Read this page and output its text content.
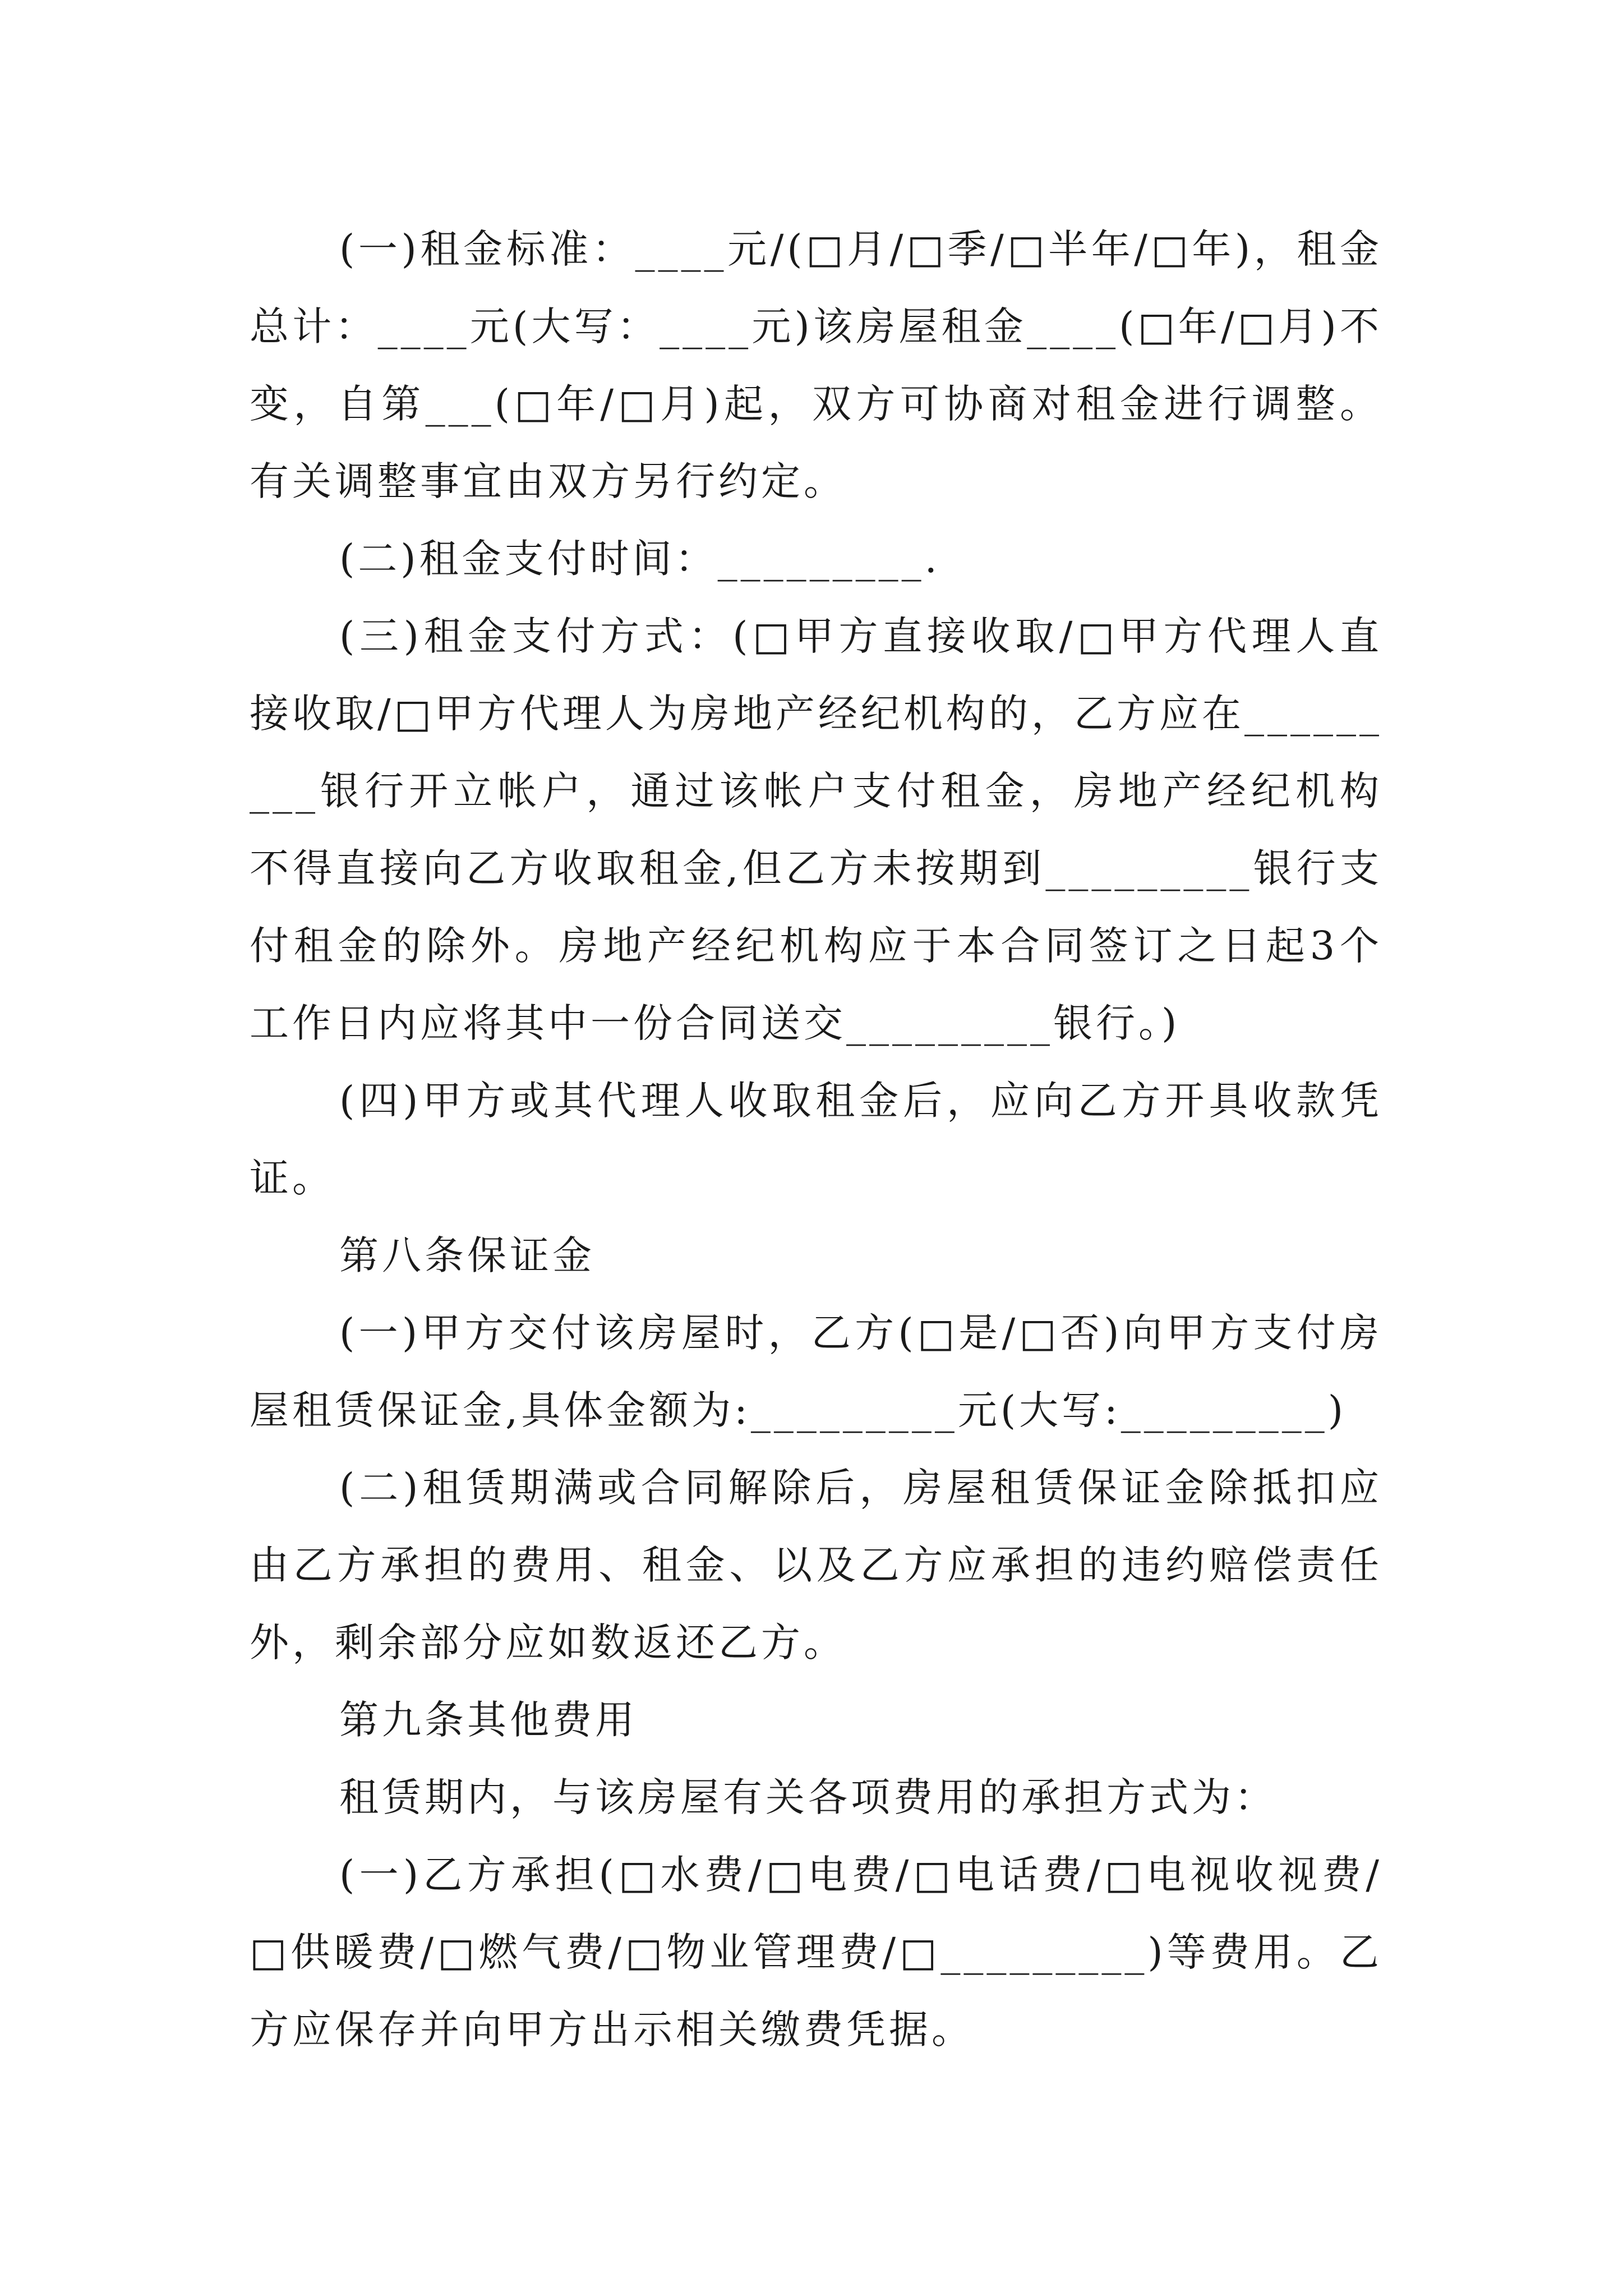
(一)租金标准：____元/(□月/□季/□半年/□年)，租金总计：____元(大写：____元)该房屋租金____(□年/□月)不变，自第___(□年/□月)起，双方可协商对租金进行调整。有关调整事宜由双方另行约定。

(二)租金支付时间：_________.

(三)租金支付方式：(□甲方直接收取/□甲方代理人直接收取/□甲方代理人为房地产经纪机构的，乙方应在_________银行开立帐户，通过该帐户支付租金，房地产经纪机构不得直接向乙方收取租金,但乙方未按期到_________银行支付租金的除外。房地产经纪机构应于本合同签订之日起3个工作日内应将其中一份合同送交_________银行。)

(四)甲方或其代理人收取租金后，应向乙方开具收款凭证。

第八条保证金

(一)甲方交付该房屋时，乙方(□是/□否)向甲方支付房屋租赁保证金,具体金额为:_________元(大写:_________)

(二)租赁期满或合同解除后，房屋租赁保证金除抵扣应由乙方承担的费用、租金、以及乙方应承担的违约赔偿责任外，剩余部分应如数返还乙方。

第九条其他费用

租赁期内，与该房屋有关各项费用的承担方式为：

(一)乙方承担(□水费/□电费/□电话费/□电视收视费/□供暖费/□燃气费/□物业管理费/□_________)等费用。乙方应保存并向甲方出示相关缴费凭据。
